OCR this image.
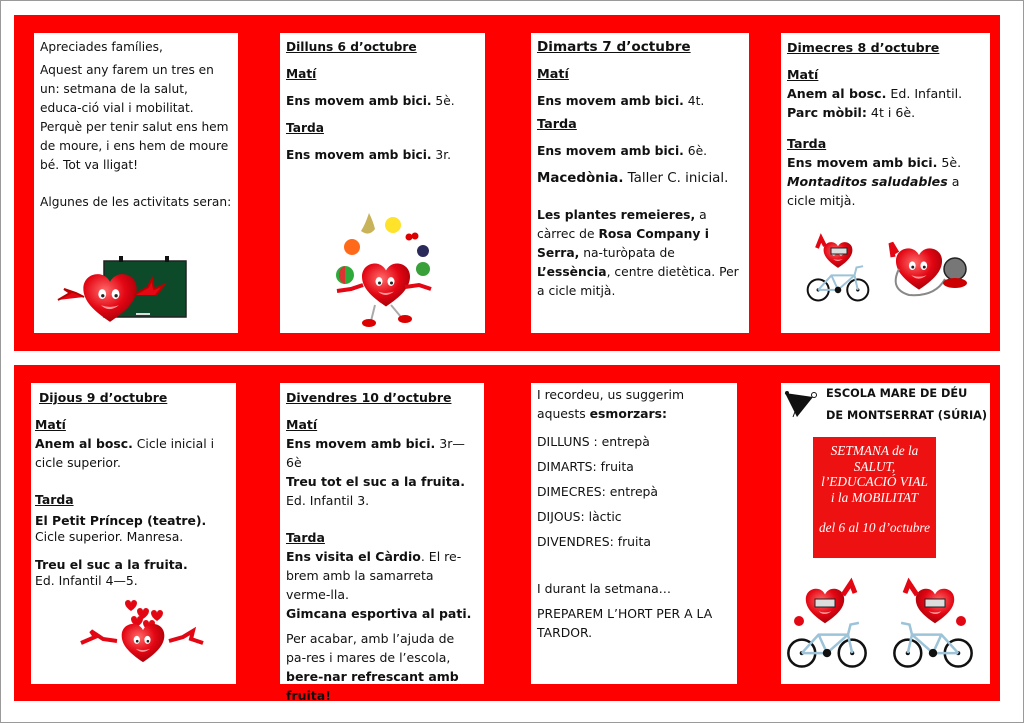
Apreciades famílies,

Aquest any farem un tres en un: setmana de la salut, educa-ció vial i mobilitat. Perquè per tenir salut ens hem de moure, i ens hem de moure bé. Tot va lligat!

Algunes de les activitats seran:

Dilluns 6 d’octubre

Matí

Ens movem amb bici. 5è.

Tarda

Ens movem amb bici. 3r.

Dimarts 7 d’octubre

Matí

Ens movem amb bici. 4t.

Tarda

Ens movem amb bici. 6è.

Macedònia. Taller C. inicial.

Les plantes remeieres, a càrrec de Rosa Company i Serra, na-turòpata de L’essència, centre dietètica. Per a cicle mitjà.

Dimecres 8 d’octubre

Matí

Anem al bosc. Ed. Infantil.

Parc mòbil: 4t i 6è.

Tarda

Ens movem amb bici. 5è.

Montaditos saludables a cicle mitjà.

Dijous 9 d’octubre

Matí

Anem al bosc. Cicle inicial i cicle superior.

Tarda

El Petit Príncep (teatre).
Cicle superior. Manresa.

Treu el suc a la fruita.
Ed. Infantil 4—5.

Divendres 10 d’octubre

Matí

Ens movem amb bici. 3r—6è

Treu tot el suc a la fruita. Ed. Infantil 3.

Tarda

Ens visita el Càrdio. El re-brem amb la samarreta verme-lla.

Gimcana esportiva al pati.

Per acabar, amb l’ajuda de pa-res i mares de l’escola, bere-nar refrescant amb fruita!

I recordeu, us suggerim aquests esmorzars:

DILLUNS : entrepà

DIMARTS: fruita

DIMECRES: entrepà

DIJOUS: làctic

DIVENDRES: fruita

I durant la setmana…

PREPAREM L’HORT PER A LA TARDOR.

ESCOLA MARE DE DÉU
DE MONTSERRAT (SÚRIA)
SETMANA de la
SALUT,
l’EDUCACIÓ VIAL
i la MOBILITAT
del 6 al 10 d’octubre
